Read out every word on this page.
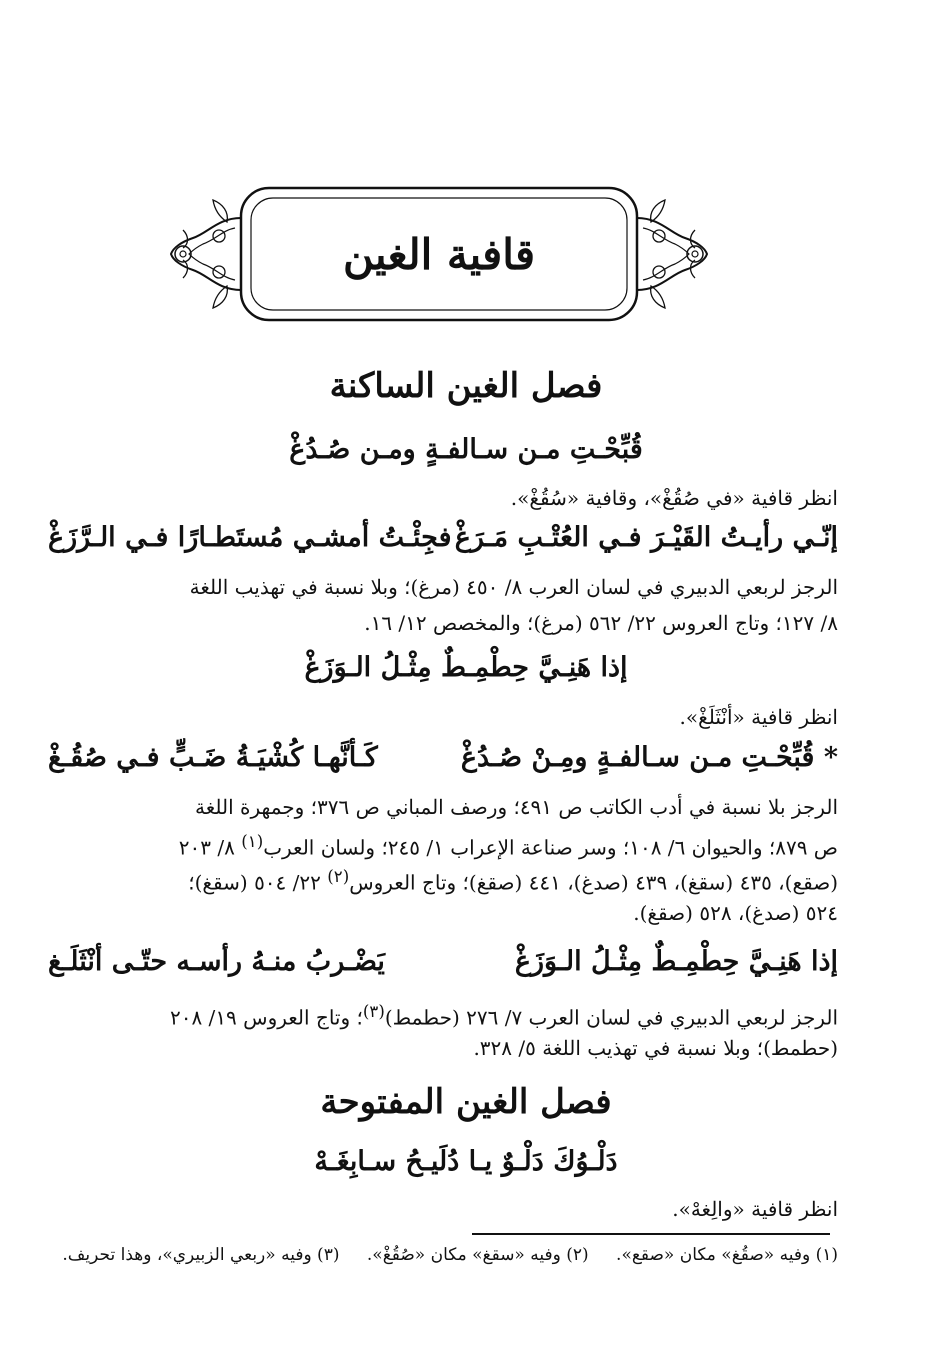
قافية الغين
فصل الغين الساكنة
قُبِّحْـتِ مـن سـالفـةٍ ومـن صُـدُغْ
انظر قافية «في صُقُغْ»، وقافية «سُقُغْ».
إنّـي رأيـتُ القَيْـرَ فـي العُتْـبِ مَـرَغْ
فجِئْـتُ أمشـي مُستَطـارًا فـي الـرَّزَغْ
الرجز لربعي الدبيري في لسان العرب ٨/ ٤٥٠ (مرغ)؛ وبلا نسبة في تهذيب اللغة
٨/ ١٢٧؛ وتاج العروس ٢٢/ ٥٦٢ (مرغ)؛ والمخصص ١٢/ ١٦.
إذا هَنِـيَّ حِطْمِـطٌ مِثْـلُ الـوَزَغْ
انظر قافية «أنْثَلَغْ».
* قُبِّحْـتِ مـن سـالفـةٍ ومِـنْ صُـدُغْ
كَـأنَّهـا كُشْيَـةُ ضَـبٍّ فـي صُقُـغْ
الرجز بلا نسبة في أدب الكاتب ص ٤٩١؛ ورصف المباني ص ٣٧٦؛ وجمهرة اللغة
ص ٨٧٩؛ والحيوان ٦/ ١٠٨؛ وسر صناعة الإعراب ١/ ٢٤٥؛ ولسان العرب$^{(١)}$ ٨/ ٢٠٣
(صقع)، ٤٣٥ (سقغ)، ٤٣٩ (صدغ)، ٤٤١ (صقغ)؛ وتاج العروس$^{(٢)}$ ٢٢/ ٥٠٤ (سقغ)؛
٥٢٤ (صدغ)، ٥٢٨ (صقغ).
إذا هَنِـيَّ حِطْمِـطٌ مِثْـلُ الـوَزَغْ
يَضْـربُ منـهُ رأسـه حتّـى أنْثَلَـغ
الرجز لربعي الدبيري في لسان العرب ٧/ ٢٧٦ (حطمط)$^{(٣)}$؛ وتاج العروس ١٩/ ٢٠٨
(حطمط)؛ وبلا نسبة في تهذيب اللغة ٥/ ٣٢٨.
فصل الغين المفتوحة
دَلْـوُكَ دَلْـوٌ يـا دُلَيـحُ سـابِغَـهْ
انظر قافية «والِغهْ».
(١) وفيه «صقُغ» مكان «صقع». (٢) وفيه «سقغ» مكان «صُقُغْ». (٣) وفيه «ربعي الزبيري»، وهذا تحريف.
